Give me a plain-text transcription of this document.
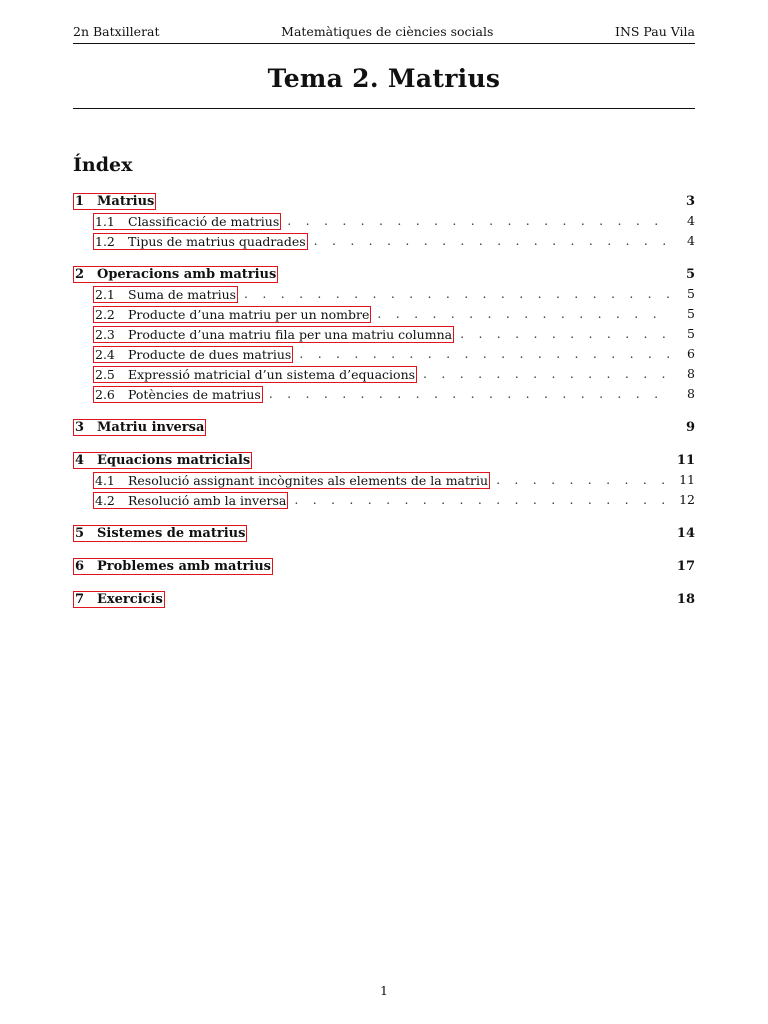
2n Batxillerat	Matemàtiques de ciències socials	INS Pau Vila
Tema 2. Matrius
Índex
1 Matrius	3
1.1 Classificació de matrius . . .	4
1.2 Tipus de matrius quadrades . . .	4
2 Operacions amb matrius	5
2.1 Suma de matrius . . .	5
2.2 Producte d’una matriu per un nombre . . .	5
2.3 Producte d’una matriu fila per una matriu columna . . .	5
2.4 Producte de dues matrius . . .	6
2.5 Expressió matricial d’un sistema d’equacions . . .	8
2.6 Potències de matrius . . .	8
3 Matriu inversa	9
4 Equacions matricials	11
4.1 Resolució assignant incògnites als elements de la matriu . . .	11
4.2 Resolució amb la inversa . . .	12
5 Sistemes de matrius	14
6 Problemes amb matrius	17
7 Exercicis	18
1
